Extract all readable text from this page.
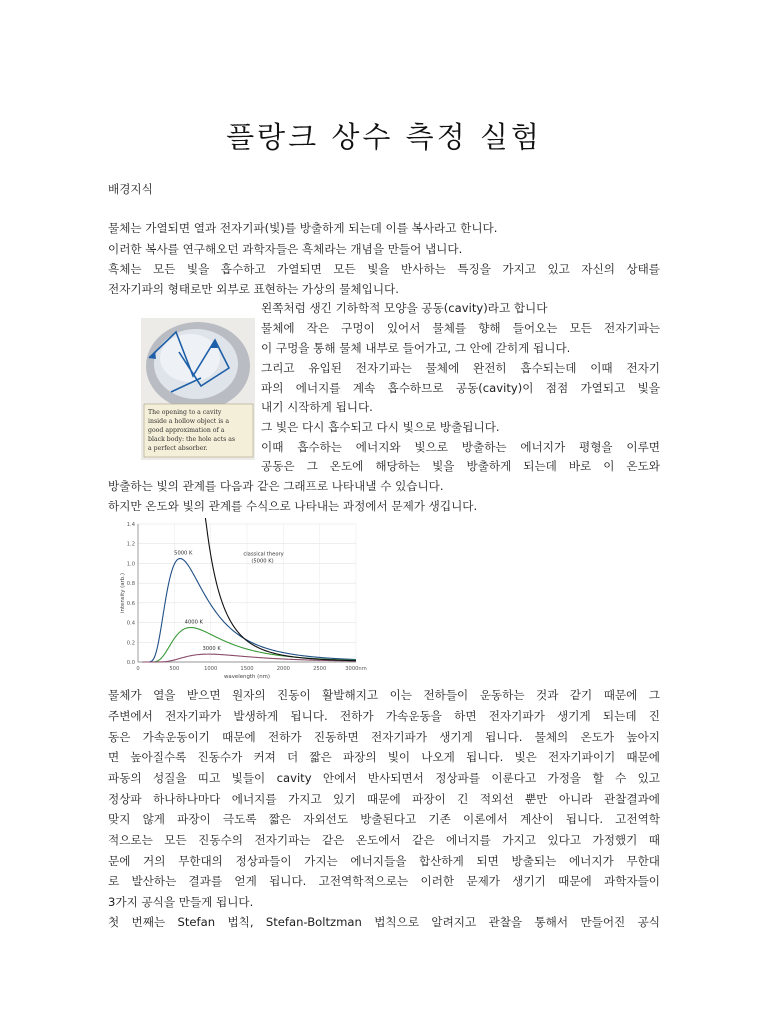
플랑크 상수 측정 실험
배경지식
물체는 가열되면 열과 전자기파(빛)를 방출하게 되는데 이를 복사라고 한니다.
이러한 복사를 연구해오던 과학자들은 흑체라는 개념을 만들어 냅니다.
흑체는 모든 빛을 흡수하고 가열되면 모든 빛을 반사하는 특징을 가지고 있고 자신의 상태를
전자기파의 형태로만 외부로 표현하는 가상의 물체입니다.
The opening to a cavity
inside a hollow object is a
good approximation of a
black body: the hole acts as
a perfect absorber.
왼쪽처럼 생긴 기하학적 모양을 공동(cavity)라고 합니다
물체에 작은 구멍이 있어서 물체를 향해 들어오는 모든 전자기파는
이 구멍을 통해 물체 내부로 들어가고, 그 안에 갇히게 됩니다.
그리고 유입된 전자기파는 물체에 완전히 흡수되는데 이때 전자기
파의 에너지를 계속 흡수하므로 공동(cavity)이 점점 가열되고 빛을
내기 시작하게 됩니다.
그 빛은 다시 흡수되고 다시 빛으로 방출됩니다.
이때 흡수하는 에너지와 빛으로 방출하는 에너지가 평형을 이루면
공동은 그 온도에 해당하는 빛을 방출하게 되는데 바로 이 온도와
방출하는 빛의 관계를 다음과 같은 그래프로 나타내낼 수 있습니다.
하지만 온도와 빛의 관계를 수식으로 나타내는 과정에서 문제가 생깁니다.
0.0
0.2
0.4
0.6
0.8
1.0
1.2
1.4
0	500	1000	1500	2000	2500	3000nm
wavelength (nm)
intensity (arb.)
5000 K
4000 K
3000 K
classical theory
(5000 K)
물체가 열을 받으면 원자의 진동이 활발해지고 이는 전하들이 운동하는 것과 같기 때문에 그
주변에서 전자기파가 발생하게 됩니다. 전하가 가속운동을 하면 전자기파가 생기게 되는데 진
동은 가속운동이기 때문에 전하가 진동하면 전자기파가 생기게 됩니다. 물체의 온도가 높아지
면 높아질수록 진동수가 커져 더 짧은 파장의 빛이 나오게 됩니다. 빛은 전자기파이기 때문에
파동의 성질을 띠고 빛들이 cavity 안에서 반사되면서 정상파를 이룬다고 가정을 할 수 있고
정상파 하나하나마다 에너지를 가지고 있기 때문에 파장이 긴 적외선 뿐만 아니라 관찰결과에
맞지 않게 파장이 극도록 짧은 자외선도 방출된다고 기존 이론에서 계산이 됩니다. 고전역학
적으로는 모든 진동수의 전자기파는 같은 온도에서 같은 에너지를 가지고 있다고 가정했기 때
문에 거의 무한대의 정상파들이 가지는 에너지들을 합산하게 되면 방출되는 에너지가 무한대
로 발산하는 결과를 얻게 됩니다. 고전역학적으로는 이러한 문제가 생기기 때문에 과학자들이
3가지 공식을 만들게 됩니다.
첫 번째는 Stefan 법칙, Stefan-Boltzman 법칙으로 알려지고 관찰을 통해서 만들어진 공식
